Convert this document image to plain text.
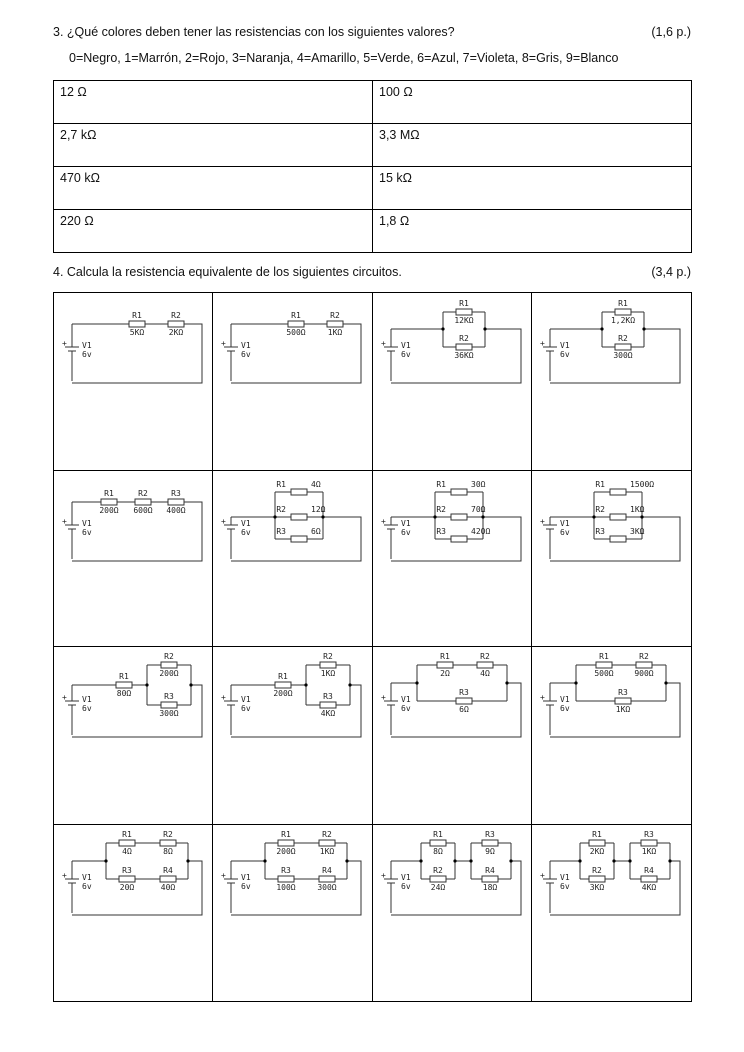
3. ¿Qué colores deben tener las resistencias con los siguientes valores?	(1,6 p.)
0=Negro, 1=Marrón, 2=Rojo, 3=Naranja, 4=Amarillo, 5=Verde, 6=Azul, 7=Violeta, 8=Gris, 9=Blanco
12 Ω	100 Ω
2,7 kΩ	3,3 MΩ
470 kΩ	15 kΩ
220 Ω	1,8 Ω
4. Calcula la resistencia equivalente de los siguientes circuitos.	(3,4 p.)
+ V1
6v
R1
5KΩ
R2
2KΩ
+ V1
6v
R1
500Ω
R2
1KΩ
+ V1
6v
R1
12KΩ
R2
36KΩ
+ V1
6v
R1
1,2KΩ
R2
300Ω
+ V1
6v
R1
200Ω
R2
600Ω
R3
400Ω
+ V1
6v
R1	4Ω
R2	12Ω
R3	6Ω
+ V1
6v
R1	30Ω
R2	70Ω
R3	420Ω
+ V1
6v
R1	1500Ω
R2	1KΩ
R3	3KΩ
+ V1
6v
R1
80Ω
R2
200Ω
R3
300Ω
+ V1
6v
R1
200Ω
R2
1KΩ
R3
4KΩ
+ V1
6v
R1
2Ω
R2
4Ω
R3
6Ω
+ V1
6v
R1
500Ω
R2
900Ω
R3
1KΩ
+ V1
6v
R1
4Ω
R2
8Ω
R3
20Ω
R4
40Ω
+ V1
6v
R1
200Ω
R2
1KΩ
R3
100Ω
R4
300Ω
+ V1
6v
R1
8Ω
R2
24Ω
R3
9Ω
R4
18Ω
+ V1
6v
R1
2KΩ
R2
3KΩ
R3
1KΩ
R4
4KΩ
